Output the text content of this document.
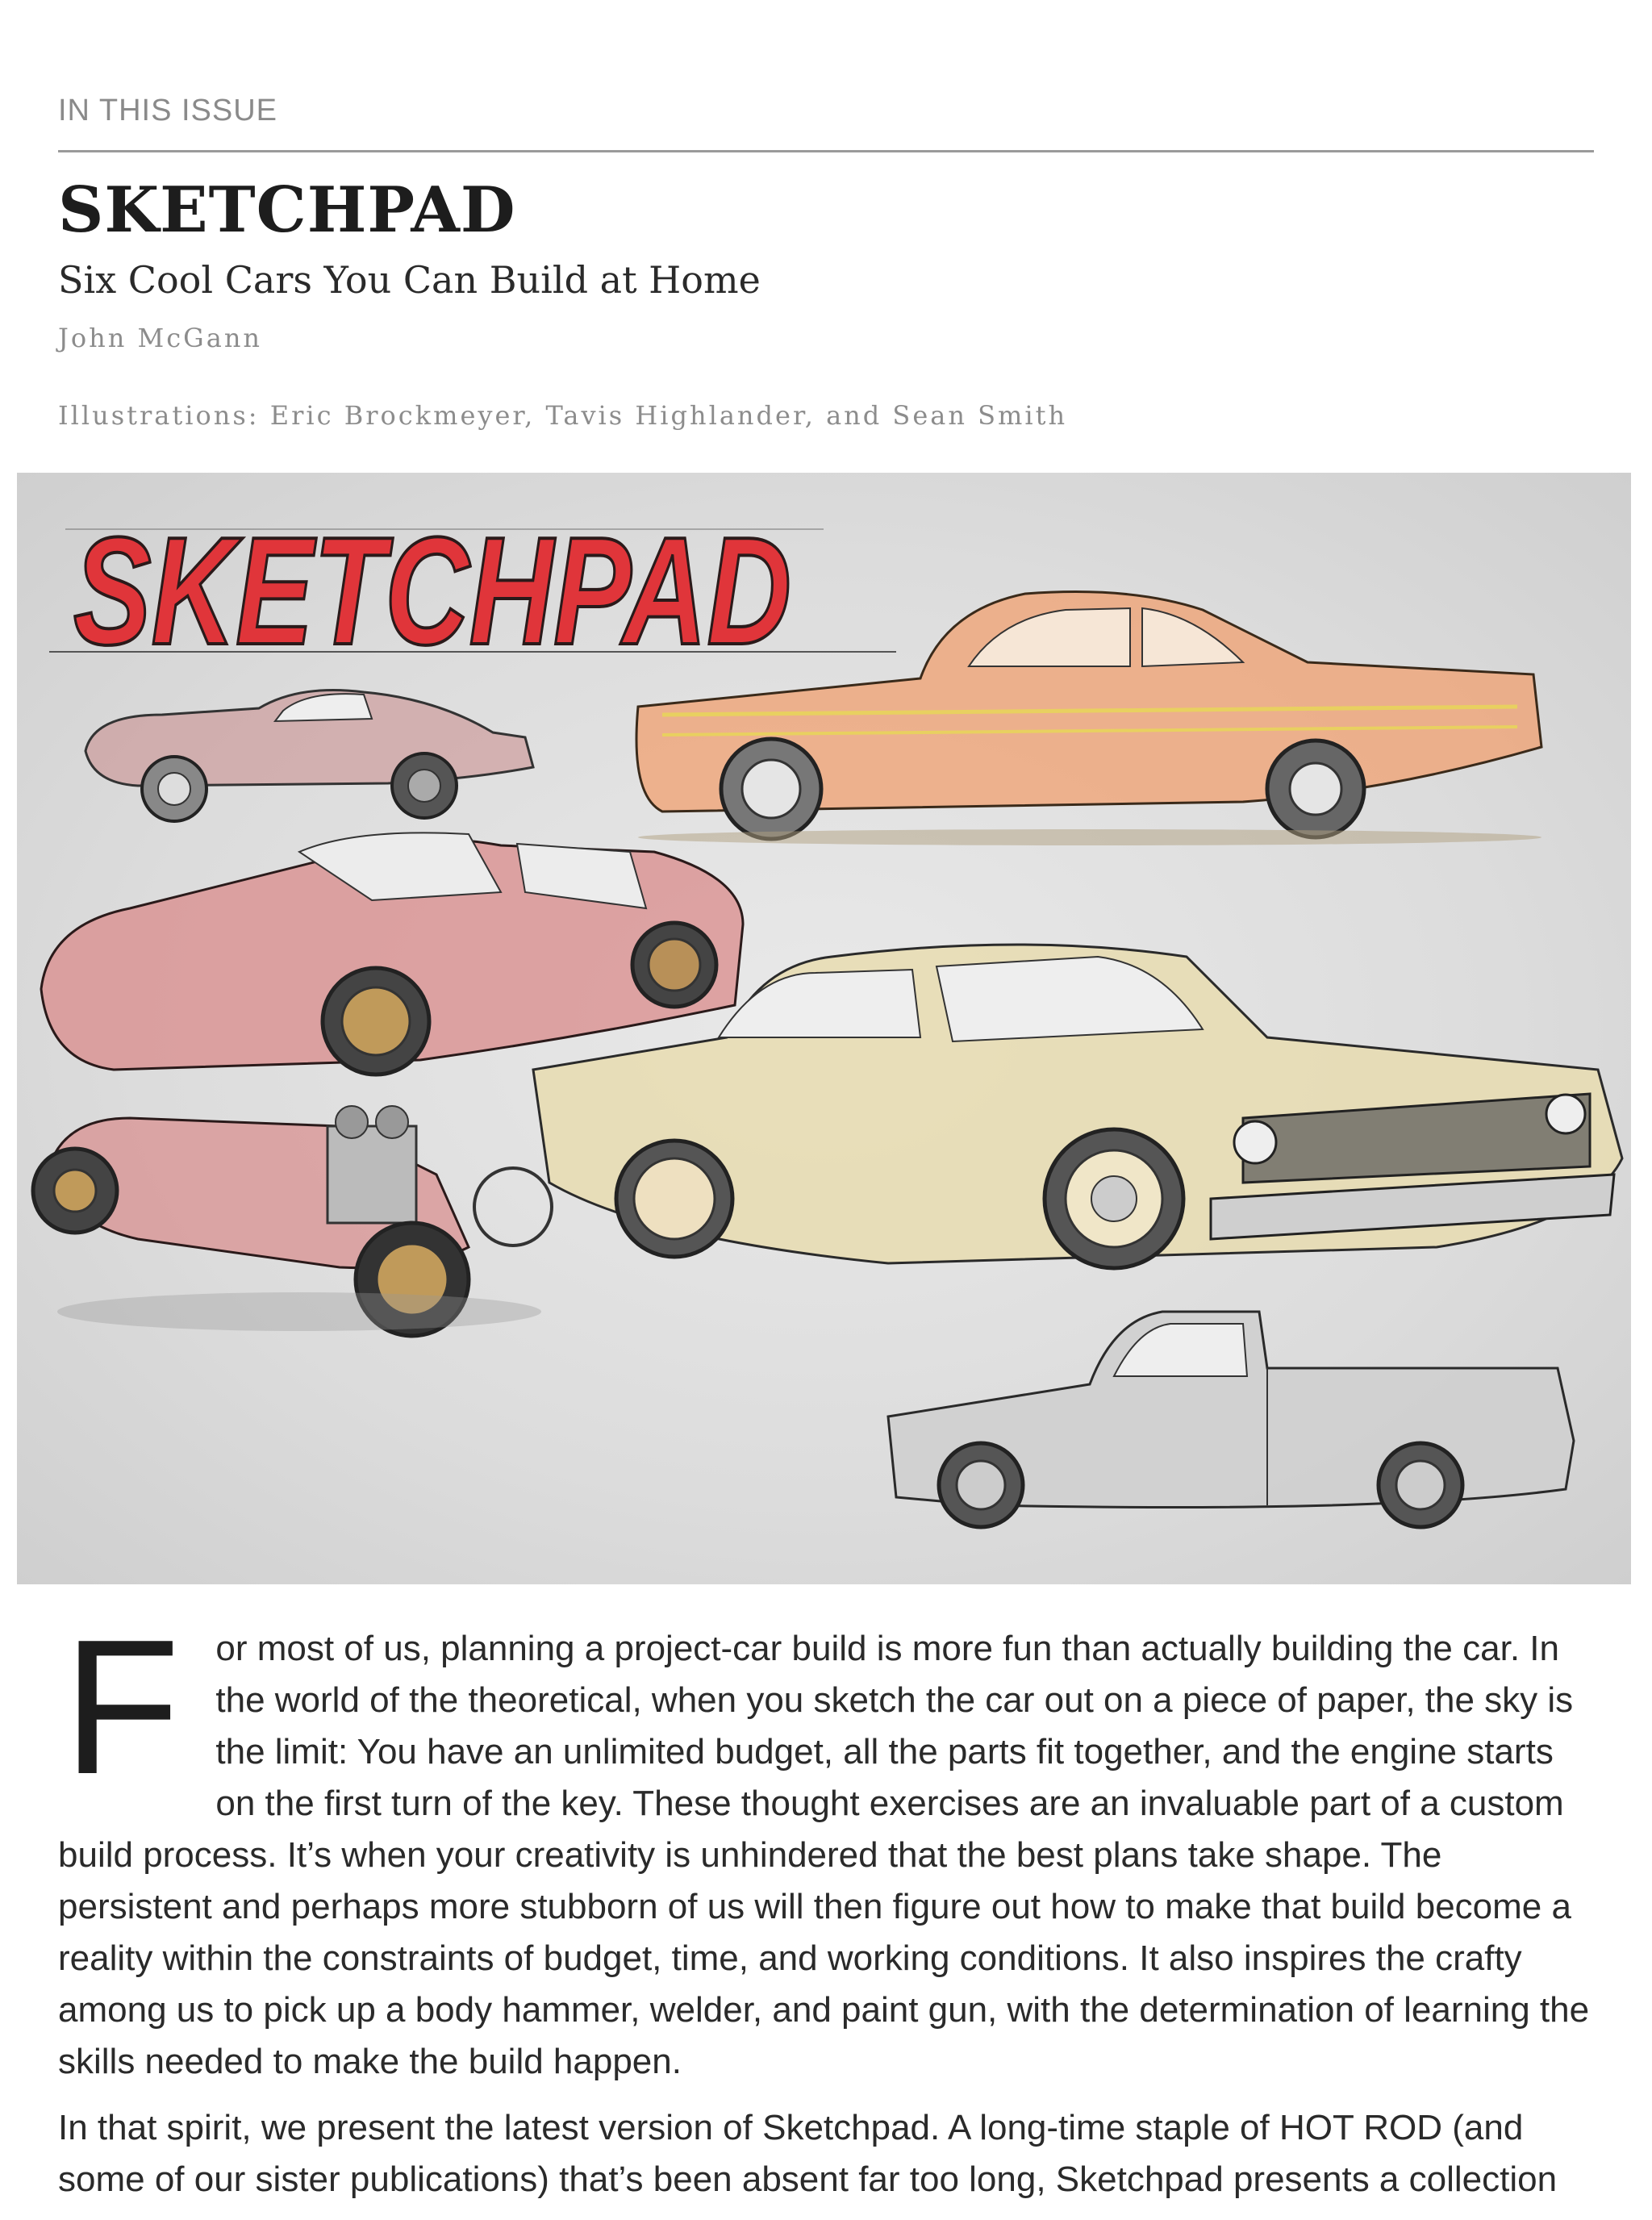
IN THIS ISSUE
SKETCHPAD
Six Cool Cars You Can Build at Home
John McGann
Illustrations: Eric Brockmeyer, Tavis Highlander, and Sean Smith
SKETCHPAD

F or most of us, planning a project-car build is more fun than actually building the car. In the world of the theoretical, when you sketch the car out on a piece of paper, the sky is the limit: You have an unlimited budget, all the parts fit together, and the engine starts on the first turn of the key. These thought exercises are an invaluable part of a custom build process. It’s when your creativity is unhindered that the best plans take shape. The persistent and perhaps more stubborn of us will then figure out how to make that build become a reality within the constraints of budget, time, and working conditions. It also inspires the crafty among us to pick up a body hammer, welder, and paint gun, with the determination of learning the skills needed to make the build happen.

In that spirit, we present the latest version of Sketchpad. A long-time staple of HOT ROD (and some of our sister publications) that’s been absent far too long, Sketchpad presents a collection
